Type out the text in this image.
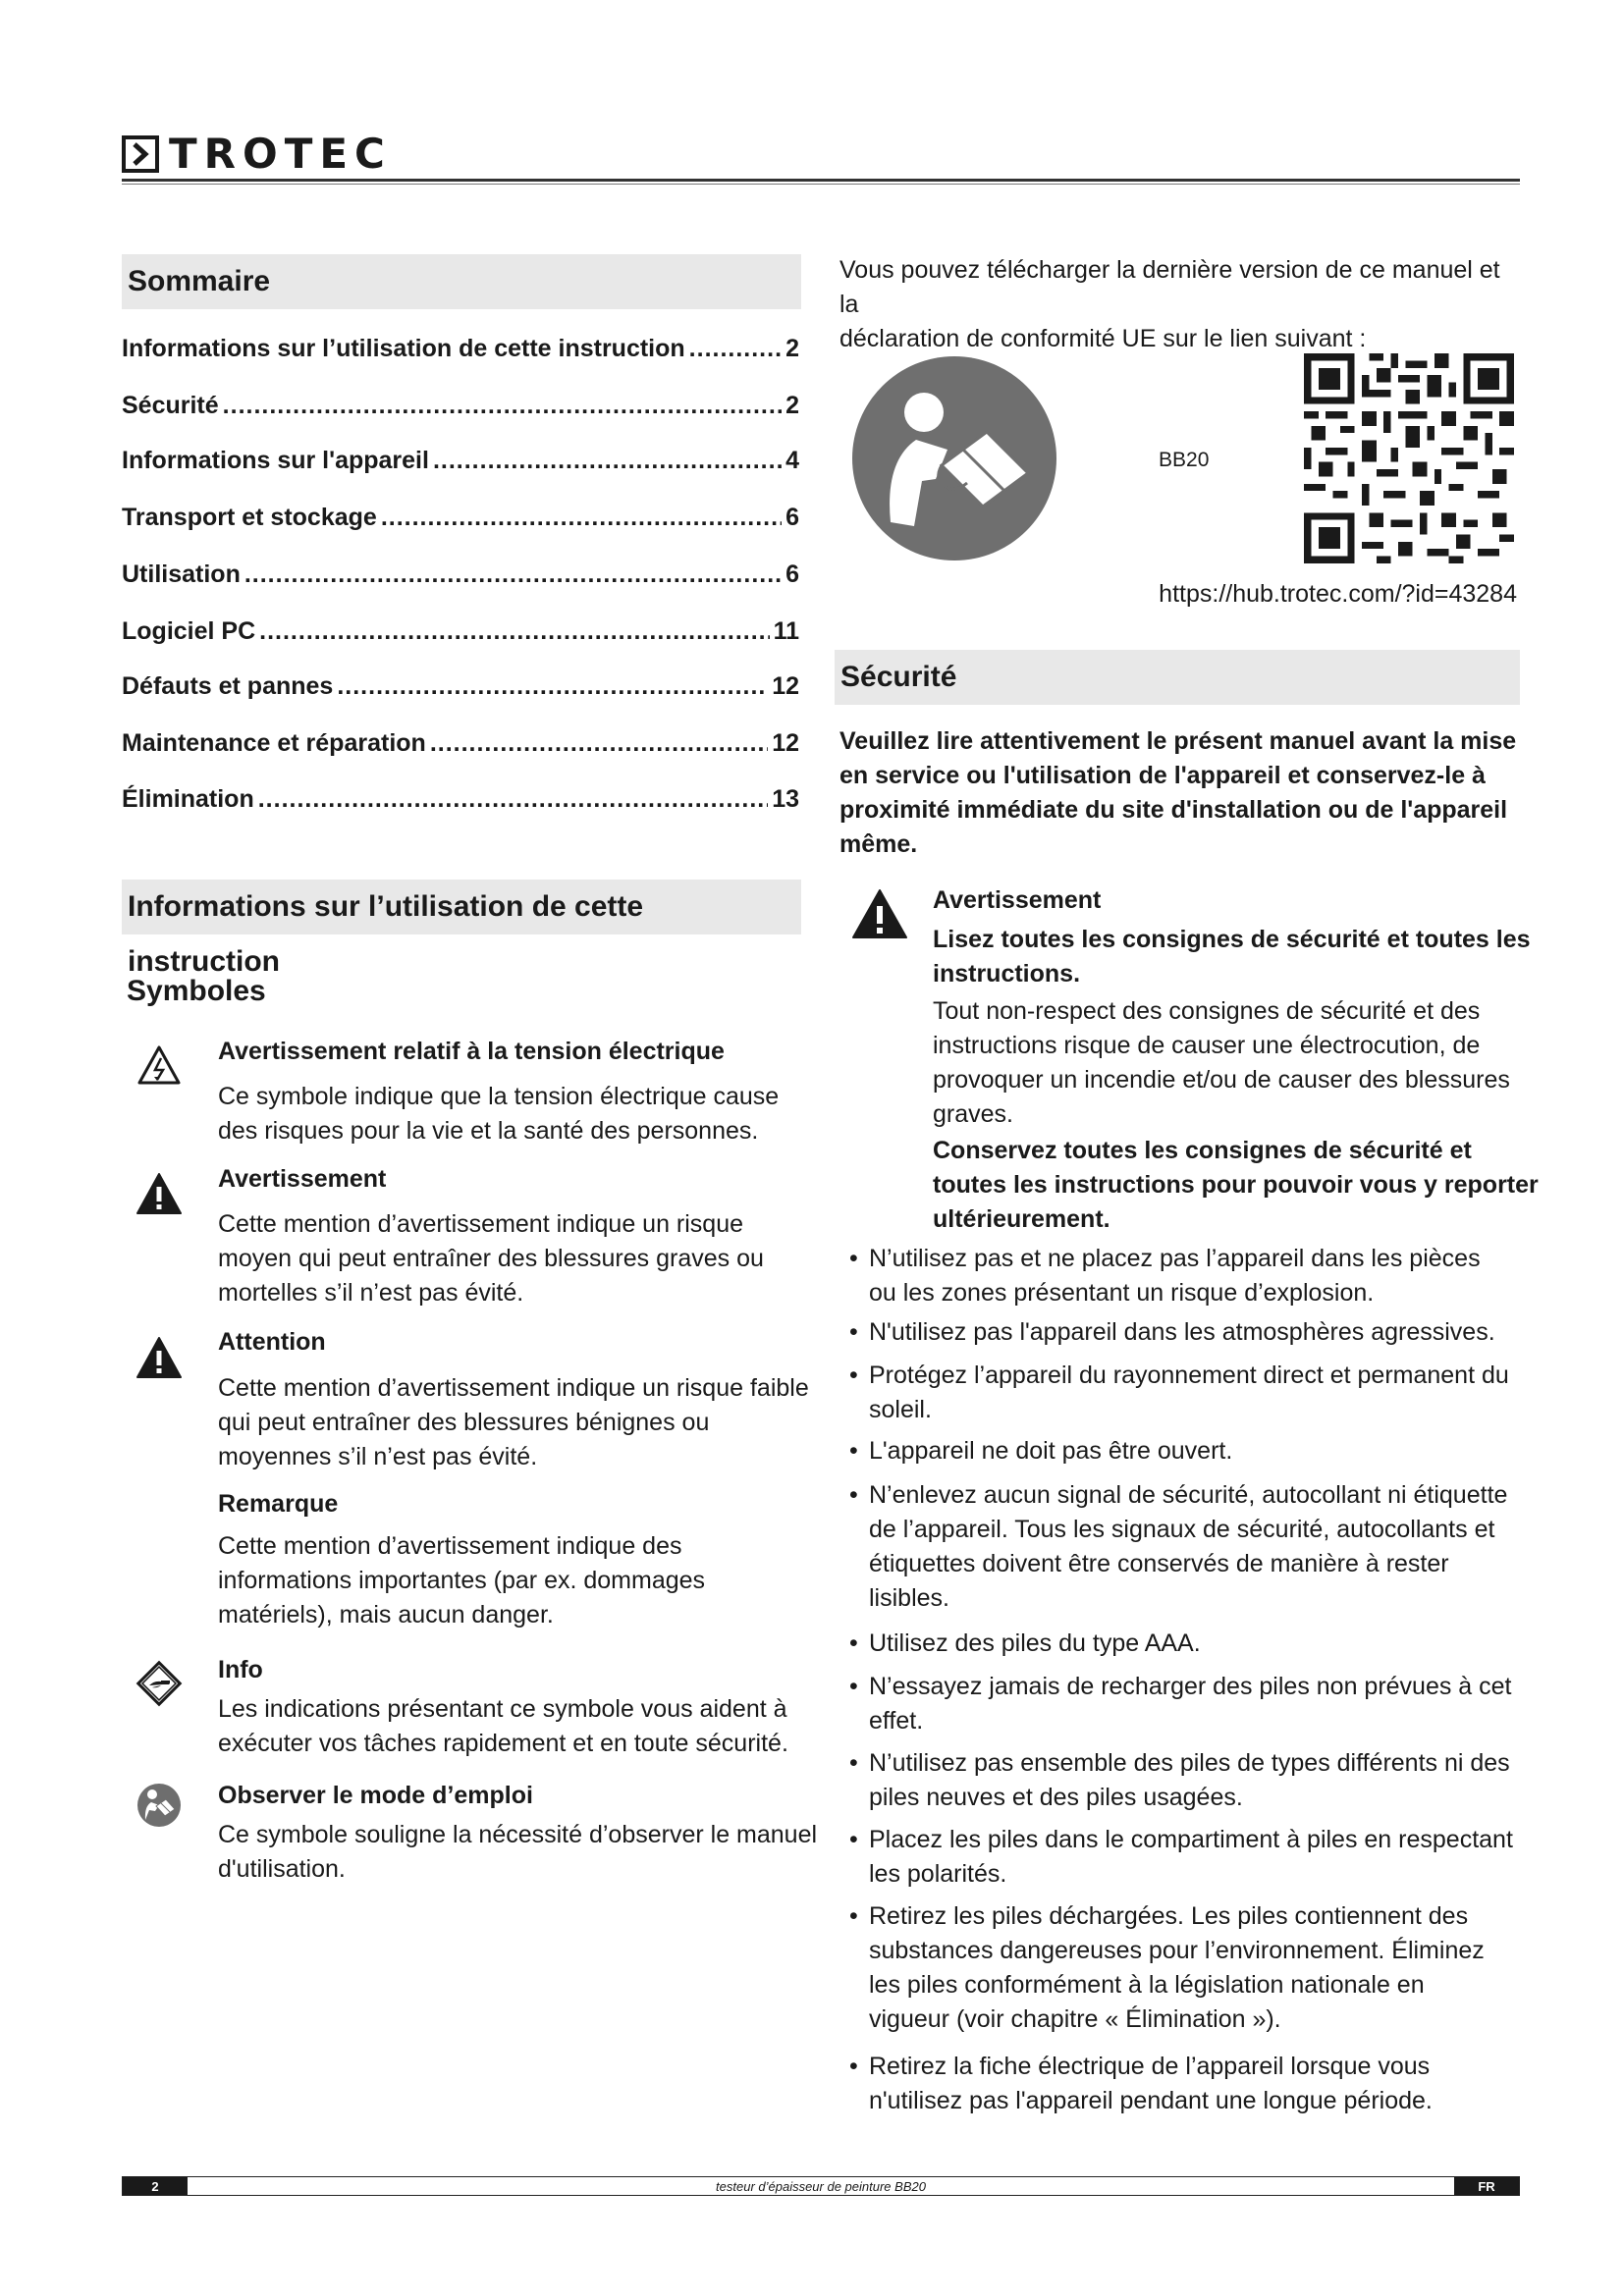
TROTEC
Sommaire
Informations sur l’utilisation de cette instruction .....	2
Sécurité .....	2
Informations sur l'appareil .....	4
Transport et stockage .....	6
Utilisation .....	6
Logiciel PC .....	11
Défauts et pannes .....	12
Maintenance et réparation .....	12
Élimination .....	13
Informations sur l’utilisation de cette instruction
Symboles
Avertissement relatif à la tension électrique
Ce symbole indique que la tension électrique cause
des risques pour la vie et la santé des personnes.
Avertissement
Cette mention d’avertissement indique un risque
moyen qui peut entraîner des blessures graves ou
mortelles s’il n’est pas évité.
Attention
Cette mention d’avertissement indique un risque faible
qui peut entraîner des blessures bénignes ou
moyennes s’il n’est pas évité.
Remarque
Cette mention d’avertissement indique des
informations importantes (par ex. dommages
matériels), mais aucun danger.
Info
Les indications présentant ce symbole vous aident à
exécuter vos tâches rapidement et en toute sécurité.
Observer le mode d’emploi
Ce symbole souligne la nécessité d’observer le manuel
d'utilisation.
Vous pouvez télécharger la dernière version de ce manuel et la
déclaration de conformité UE sur le lien suivant :
BB20
https://hub.trotec.com/?id=43284
Sécurité
Veuillez lire attentivement le présent manuel avant la mise
en service ou l'utilisation de l'appareil et conservez-le à
proximité immédiate du site d'installation ou de l'appareil
même.
Avertissement
Lisez toutes les consignes de sécurité et toutes les
instructions.
Tout non-respect des consignes de sécurité et des
instructions risque de causer une électrocution, de
provoquer un incendie et/ou de causer des blessures
graves.
Conservez toutes les consignes de sécurité et
toutes les instructions pour pouvoir vous y reporter
ultérieurement.
• N’utilisez pas et ne placez pas l’appareil dans les pièces
ou les zones présentant un risque d’explosion.
• N'utilisez pas l'appareil dans les atmosphères agressives.
• Protégez l’appareil du rayonnement direct et permanent du
soleil.
• L'appareil ne doit pas être ouvert.
• N’enlevez aucun signal de sécurité, autocollant ni étiquette
de l’appareil. Tous les signaux de sécurité, autocollants et
étiquettes doivent être conservés de manière à rester
lisibles.
• Utilisez des piles du type AAA.
• N’essayez jamais de recharger des piles non prévues à cet
effet.
• N’utilisez pas ensemble des piles de types différents ni des
piles neuves et des piles usagées.
• Placez les piles dans le compartiment à piles en respectant
les polarités.
• Retirez les piles déchargées. Les piles contiennent des
substances dangereuses pour l’environnement. Éliminez
les piles conformément à la législation nationale en
vigueur (voir chapitre « Élimination »).
• Retirez la fiche électrique de l’appareil lorsque vous
n'utilisez pas l'appareil pendant une longue période.
2	testeur d’épaisseur de peinture BB20	FR
